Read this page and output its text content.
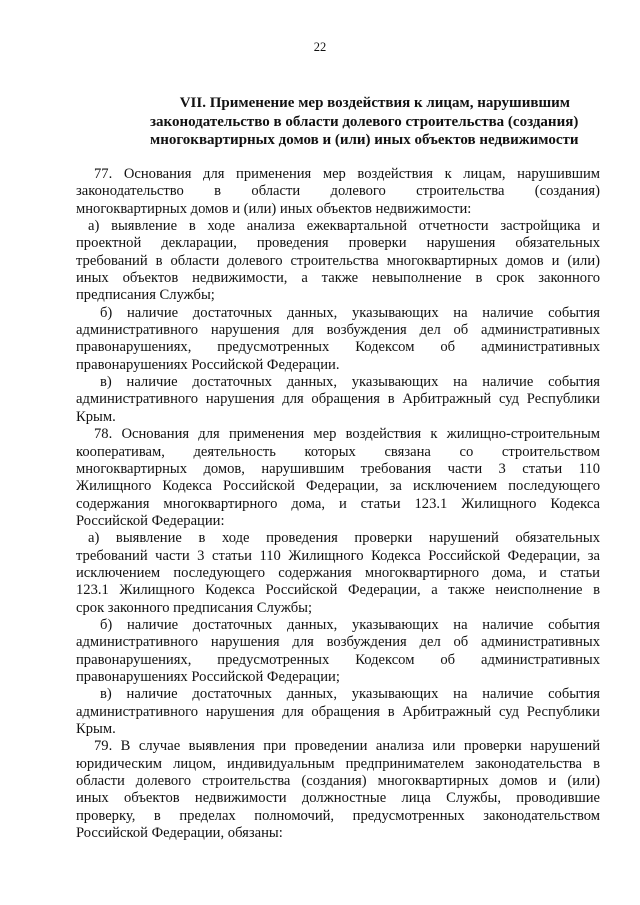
22
VII. Применение мер воздействия к лицам, нарушившим
законодательство в области долевого строительства (создания)
многоквартирных домов и (или) иных объектов недвижимости
77. Основания для применения мер воздействия к лицам, нарушившим
законодательство в области долевого строительства (создания)
многоквартирных домов и (или) иных объектов недвижимости:
а) выявление в ходе анализа ежеквартальной отчетности застройщика и
проектной декларации, проведения проверки нарушения обязательных
требований в области долевого строительства многоквартирных домов и (или)
иных объектов недвижимости, а также невыполнение в срок законного
предписания Службы;
б) наличие достаточных данных, указывающих на наличие события
административного нарушения для возбуждения дел об административных
правонарушениях, предусмотренных Кодексом об административных
правонарушениях Российской Федерации.
в) наличие достаточных данных, указывающих на наличие события
административного нарушения для обращения в Арбитражный суд Республики
Крым.
78. Основания для применения мер воздействия к жилищно-строительным
кооперативам, деятельность которых связана со строительством
многоквартирных домов, нарушившим требования части 3 статьи 110
Жилищного Кодекса Российской Федерации, за исключением последующего
содержания многоквартирного дома, и статьи 123.1 Жилищного Кодекса
Российской Федерации:
а) выявление в ходе проведения проверки нарушений обязательных
требований части 3 статьи 110 Жилищного Кодекса Российской Федерации, за
исключением последующего содержания многоквартирного дома, и статьи
123.1 Жилищного Кодекса Российской Федерации, а также неисполнение в
срок законного предписания Службы;
б) наличие достаточных данных, указывающих на наличие события
административного нарушения для возбуждения дел об административных
правонарушениях, предусмотренных Кодексом об административных
правонарушениях Российской Федерации;
в) наличие достаточных данных, указывающих на наличие события
административного нарушения для обращения в Арбитражный суд Республики
Крым.
79. В случае выявления при проведении анализа или проверки нарушений
юридическим лицом, индивидуальным предпринимателем законодательства в
области долевого строительства (создания) многоквартирных домов и (или)
иных объектов недвижимости должностные лица Службы, проводившие
проверку, в пределах полномочий, предусмотренных законодательством
Российской Федерации, обязаны:
